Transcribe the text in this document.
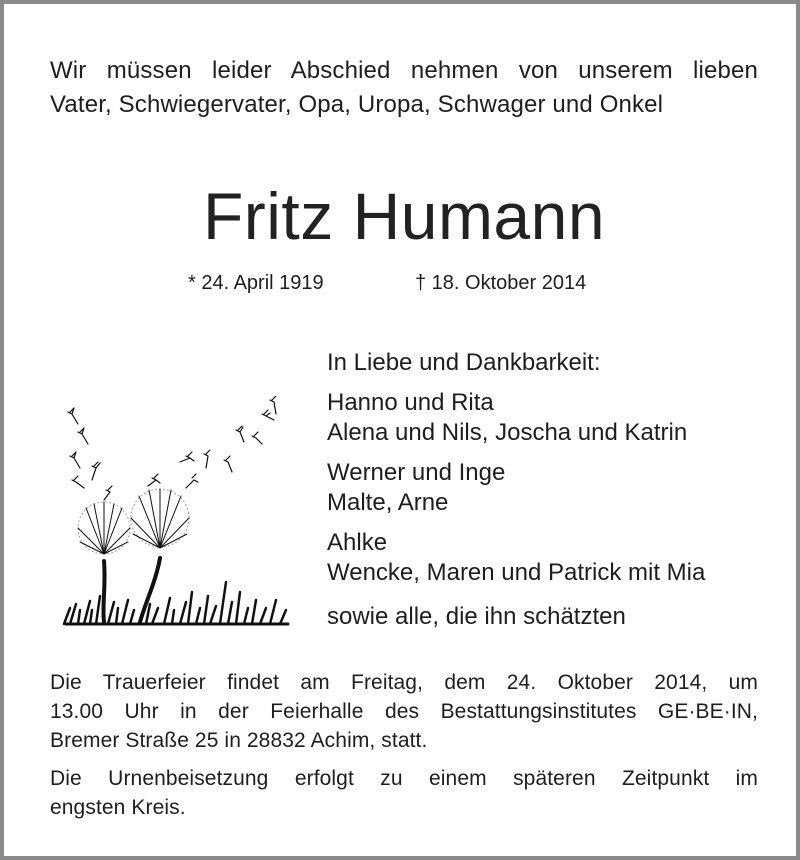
Wir müssen leider Abschied nehmen von unserem lieben
Vater, Schwiegervater, Opa, Uropa, Schwager und Onkel
Fritz Humann
* 24. April 1919	† 18. Oktober 2014
In Liebe und Dankbarkeit:
Hanno und Rita
Alena und Nils, Joscha und Katrin
Werner und Inge
Malte, Arne
Ahlke
Wencke, Maren und Patrick mit Mia
sowie alle, die ihn schätzten

Die Trauerfeier findet am Freitag, dem 24. Oktober 2014, um
13.00 Uhr in der Feierhalle des Bestattungsinstitutes GE·BE·IN,
Bremer Straße 25 in 28832 Achim, statt.

Die Urnenbeisetzung erfolgt zu einem späteren Zeitpunkt im
engsten Kreis.
